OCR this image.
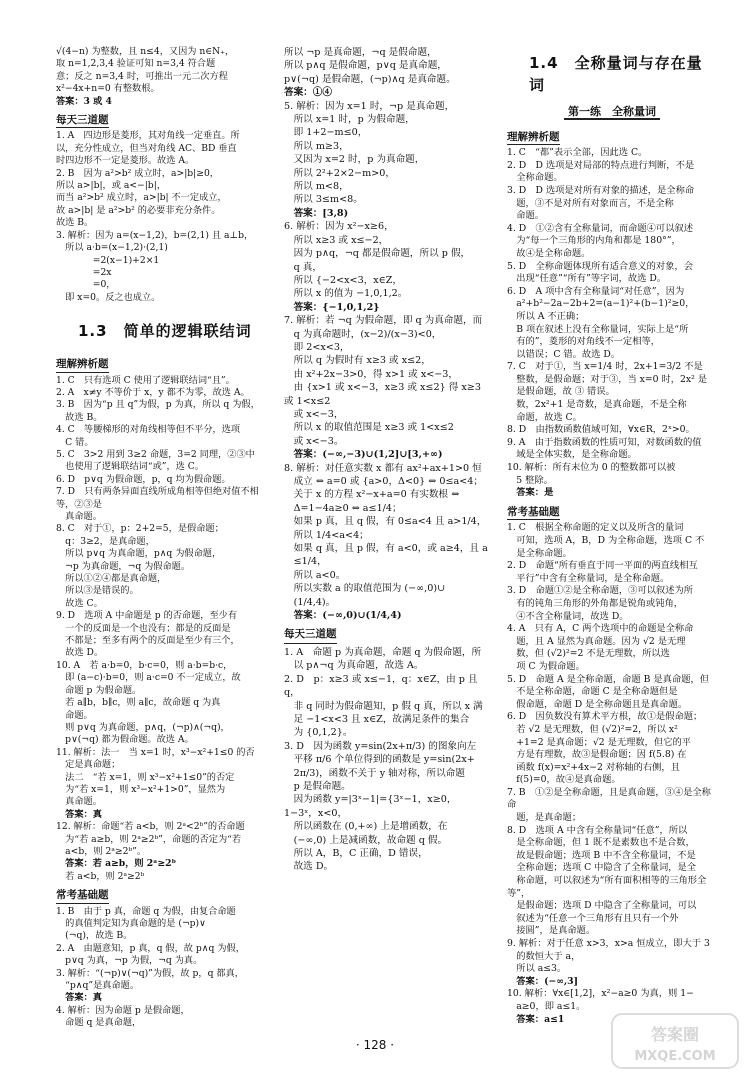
√(4−n) 为整数，且 n≤4，又因为 n∈N₊，

取 n=1,2,3,4 验证可知 n=3,4 符合题

意；反之 n=3,4 时，可推出一元二次方程

x²−4x+n=0 有整数根。

答案：3 或 4

每天三道题

1. A　四边形是菱形，其对角线一定垂直。所

以，充分性成立，但当对角线 AC、BD 垂直

时四边形不一定是菱形。故选 A。

2. B　因为 a²>b² 成立时，a>|b|≥0，

所以 a>|b|，或 a<−|b|，

而当 a²>b² 成立时，a>|b| 不一定成立，

故 a>|b| 是 a²>b² 的必要非充分条件。

故选 B。

3. 解析：因为 a=(x−1,2)，b=(2,1) 且 a⊥b，

　所以 a·b=(x−1,2)·(2,1)

　　　　=2(x−1)+2×1

　　　　=2x

　　　　=0，

　即 x=0。反之也成立。

1.3　简单的逻辑联结词
理解辨析题

1. C　只有选项 C 使用了逻辑联结词“且”。

2. A　x≠y 不等价于 x，y 都不为零，故选 A。

3. B　因为“p 且 q”为假，p 为真，所以 q 为假，

　故选 B。

4. C　等腰梯形的对角线相等但不平分，选项

　C 错。

5. C　3>2 用到 3≥2 命题，3=2 同理，②③中

　也使用了逻辑联结词“或”，选 C。

6. D　p∨q 为假命题，p，q 均为假命题。

7. D　只有两条异面直线所成角相等但绝对值不相等，②③是

　真命题。

8. C　对于①，p：2+2=5，是假命题；

　q：3≥2，是真命题，

　所以 p∨q 为真命题，p∧q 为假命题，

　¬p 为真命题，¬q 为假命题。

　所以①②④都是真命题，

　所以③是错误的。

　故选 C。

9. D　选项 A 中命题是 p 的否命题，至少有

　一个的反面是一个也没有；都是的反面是

　不都是；至多有两个的反面是至少有三个，

　故选 D。

10. A　若 a·b=0，b·c=0，则 a·b=b·c，

　即 (a−c)·b=0，则 a·c=0 不一定成立，故

　命题 p 为假命题。

　若 a∥b，b∥c，则 a∥c，故命题 q 为真

　命题。

　则 p∨q 为真命题，p∧q，(¬p)∧(¬q)，

　p∨(¬q) 都为假命题。故选 A。

11. 解析：法一　当 x=1 时，x³−x²+1≤0 的否

　定是真命题；

　法二　“若 x=1，则 x³−x²+1≤0”的否定

　为“若 x=1，则 x³−x²+1>0”，显然为

　真命题。

　答案：真

12. 解析：命题“若 a<b，则 2ᵃ<2ᵇ”的否命题

　为“若 a≥b，则 2ᵃ≥2ᵇ”，命题的否定为“若

　a<b，则 2ᵃ≥2ᵇ”。

　答案：若 a≥b，则 2ᵃ≥2ᵇ

　若 a<b，则 2ᵃ≥2ᵇ

常考基础题

1. B　由于 p 真，命题 q 为假，由复合命题

　的真值判定知为真命题的是 (¬p)∨

　(¬q)，故选 B。

2. A　由题意知，p 真，q 假，故 p∧q 为假，

　p∨q 为真，¬p 为假，¬q 为真。

3. 解析：“(¬p)∨(¬q)”为假，故 p，q 都真，

　“p∧q”是真命题。

　答案：真

4. 解析：因为命题 p 是假命题，

　命题 q 是真命题，

所以 ¬p 是真命题，¬q 是假命题，

所以 p∧q 是假命题，p∨q 是真命题，

p∨(¬q) 是假命题，(¬p)∧q 是真命题。

答案：①④

5. 解析：因为 x=1 时，¬p 是真命题，

　所以 x=1 时，p 为假命题，

　即 1+2−m≤0，

　所以 m≥3，

　又因为 x=2 时，p 为真命题，

　所以 2²+2×2−m>0，

　所以 m<8，

　所以 3≤m<8。

　答案：[3,8)

6. 解析：因为 x²−x≥6，

　所以 x≥3 或 x≤−2，

　因为 p∧q，¬q 都是假命题，所以 p 假，

　q 真，

　所以 {−2<x<3，x∈Z，

　所以 x 的值为 −1,0,1,2。

　答案：{−1,0,1,2}

7. 解析：若 ¬q 为假命题，即 q 为真命题，而

　q 为真命题时，(x−2)/(x−3)<0，

　即 2<x<3，

　所以 q 为假时有 x≥3 或 x≤2，

　由 x²+2x−3>0，得 x>1 或 x<−3，

　由 {x>1 或 x<−3，x≥3 或 x≤2} 得 x≥3 或 1<x≤2

　或 x<−3，

　所以 x 的取值范围是 x≥3 或 1<x≤2

　或 x<−3。

　答案：(−∞,−3)∪(1,2]∪[3,+∞)

8. 解析：对任意实数 x 都有 ax²+ax+1>0 恒

　成立 ⇔ a=0 或 {a>0，Δ<0} ⇔ 0≤a<4；

　关于 x 的方程 x²−x+a=0 有实数根 ⇔

　Δ=1−4a≥0 ⇔ a≤1/4；

　如果 p 真，且 q 假，有 0≤a<4 且 a>1/4，

　所以 1/4<a<4；

　如果 q 真，且 p 假，有 a<0，或 a≥4，且 a

　≤1/4，

　所以 a<0。

　所以实数 a 的取值范围为 (−∞,0)∪

　(1/4,4)。

　答案：(−∞,0)∪(1/4,4)

每天三道题

1. A　命题 p 为真命题，命题 q 为假命题，所

　以 p∧¬q 为真命题，故选 A。

2. D　p：x≥3 或 x≤−1，q：x∈Z，由 p 且 q，

　非 q 同时为假命题知，p 假 q 真，所以 x 满

　足 −1<x<3 且 x∈Z，故满足条件的集合

　为 {0,1,2}。

3. D　因为函数 y=sin(2x+π/3) 的图象向左

　平移 π/6 个单位得到的函数是 y=sin(2x+

　2π/3)，函数不关于 y 轴对称，所以命题

　p 是假命题。

　因为函数 y=|3ˣ−1|={3ˣ−1，x≥0，1−3ˣ，x<0，

　所以函数在 (0,+∞) 上是增函数，在

　(−∞,0) 上是减函数，故命题 q 假。

　所以 A，B，C 正确，D 错误，

　故选 D。

1.4　全称量词与存在量词
第一练　全称量词
理解辨析题

1. C　“都”表示全部，因此选 C。

2. D　D 选项是对局部的特点进行判断，不是

　全称命题。

3. D　D 选项是对所有对象的描述，是全称命

　题，③不是对所有对象而言，不是全称

　命题。

4. D　①②含有全称量词，而命题④可以叙述

　为“每一个三角形的内角和都是 180°”，

　故④是全称命题。

5. D　全称命题体现所有适合意义的对象，会

　出现“任意”“所有”等字词，故选 D。

6. D　A 项中含有全称量词“对任意”，因为

　a²+b²−2a−2b+2=(a−1)²+(b−1)²≥0，

　所以 A 不正确；

　B 项在叙述上没有全称量词，实际上是“所

　有的”，菱形的对角线不一定相等，

　以错误；C 错。故选 D。

7. C　对于①，当 x=1/4 时，2x+1=3/2 不是

　整数，是假命题；对于③，当 x=0 时，2x² 是

　是假命题，故 ③ 错误。

　数，2x²+1 是奇数，是真命题，不是全称

　命题，故选 C。

8. D　由指数函数值域可知，∀x∈R，2ˣ>0。

9. A　由于指数函数的性质可知，对数函数的值

　域是全体实数，是全称命题。

10. 解析：所有末位为 0 的整数都可以被

　5 整除。

　答案：是

常考基础题

1. C　根据全称命题的定义以及所含的量词

　可知，选项 A，B，D 为全称命题，选项 C 不

　是全称命题。

2. D　命题“所有垂直于同一平面的两直线相互

　平行”中含有全称量词，是全称命题。

3. D　命题①②是全称命题，③可以叙述为所

　有的钝角三角形的外角都是锐角或钝角，

　④不含全称量词，故选 D。

4. A　只有 A，C 两个选项中的命题是全称命

　题，且 A 显然为真命题。因为 √2 是无理

　数，但 (√2)²=2 不是无理数，所以选

　项 C 为假命题。

5. D　命题 A 是全称命题，命题 B 是真命题，但

　不是全称命题，命题 C 是全称命题但是

　假命题，命题 D 是全称命题且是真命题。

6. D　因负数没有算术平方根，故①是假命题；

　若 √2 是无理数，但 (√2)²=2，所以 x²

　+1=2 是真命题；√2 是无理数，但它的平

　方是有理数，故③是假命题；因 f(5.8) 在

　函数 f(x)=x²+4x−2 对称轴的右侧，且

　f(5)=0，故④是真命题。

7. B　①②是全称命题，且是真命题，③④是全称命

　题，是真命题；

8. D　选项 A 中含有全称量词“任意”，所以

　是全称命题，但 1 既不是素数也不是合数，

　故是假命题；选项 B 中不含全称量词，不是

　全称命题；选项 C 中隐含了全称量词，是全

　称命题，可以叙述为“所有面积相等的三角形全等”，

　是假命题；选项 D 中隐含了全称量词，可以

　叙述为“任意一个三角形有且只有一个外

　接圆”，是真命题。

9. 解析：对于任意 x>3，x>a 恒成立，即大于 3

　的数恒大于 a，

　所以 a≤3。

　答案：(−∞,3]

10. 解析：∀x∈[1,2]，x²−a≥0 为真，则 1−

　a≥0，即 a≤1。

　答案：a≤1

· 128 ·
答案圈
MXQE.COM
